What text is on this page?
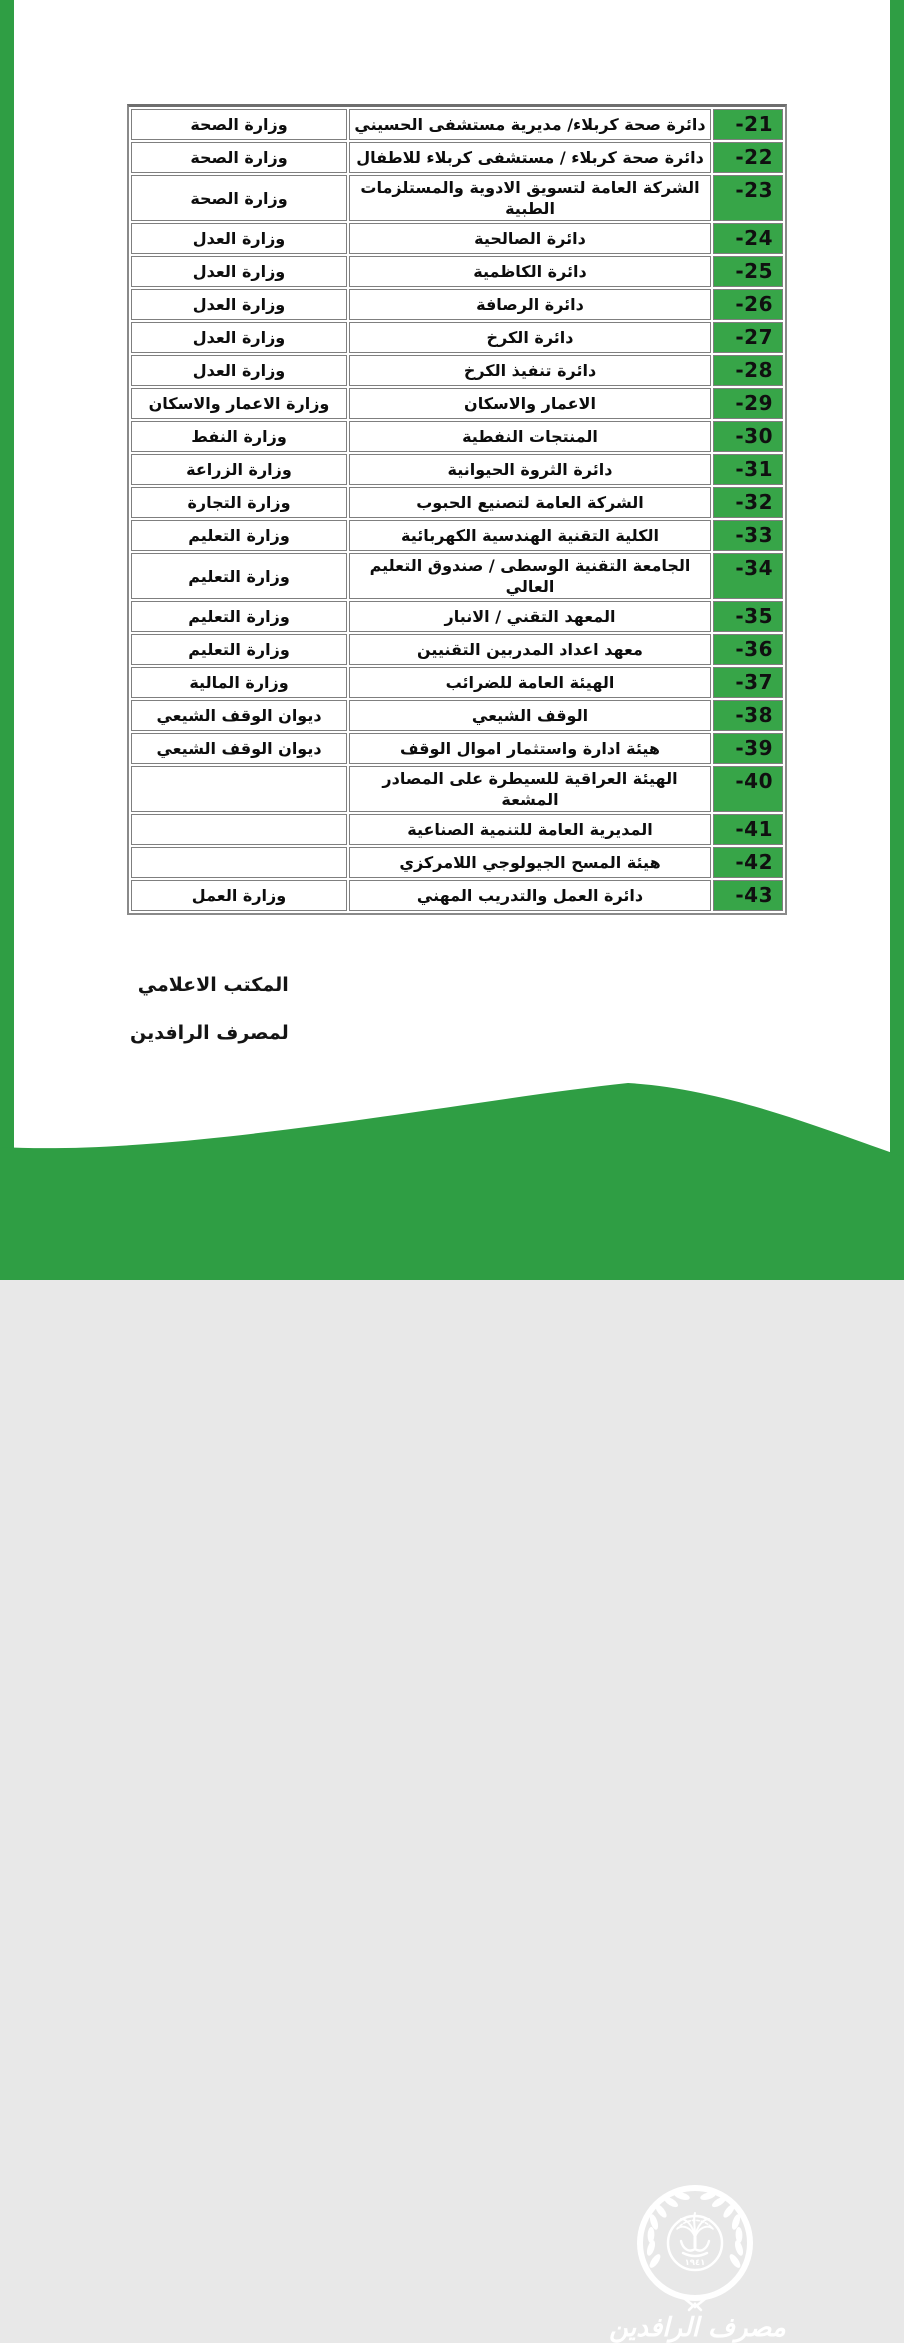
-21	دائرة صحة كربلاء/ مديرية مستشفى الحسيني	وزارة الصحة
-22	دائرة صحة كربلاء / مستشفى كربلاء للاطفال	وزارة الصحة
-23	الشركة العامة لتسويق الادوية والمستلزمات الطبية	وزارة الصحة
-24	دائرة الصالحية	وزارة العدل
-25	دائرة الكاظمية	وزارة العدل
-26	دائرة الرصافة	وزارة العدل
-27	دائرة الكرخ	وزارة العدل
-28	دائرة تنفيذ الكرخ	وزارة العدل
-29	الاعمار والاسكان	وزارة الاعمار والاسكان
-30	المنتجات النفطية	وزارة النفط
-31	دائرة الثروة الحيوانية	وزارة الزراعة
-32	الشركة العامة لتصنيع الحبوب	وزارة التجارة
-33	الكلية التقنية الهندسية الكهربائية	وزارة التعليم
-34	الجامعة التقنية الوسطى / صندوق التعليم العالي	وزارة التعليم
-35	المعهد التقني / الانبار	وزارة التعليم
-36	معهد اعداد المدربين التقنيين	وزارة التعليم
-37	الهيئة العامة للضرائب	وزارة المالية
-38	الوقف الشيعي	ديوان الوقف الشيعي
-39	هيئة ادارة واستثمار اموال الوقف	ديوان الوقف الشيعي
-40	الهيئة العراقية للسيطرة على المصادر المشعة	
-41	المديرية العامة للتنمية الصناعية	
-42	هيئة المسح الجيولوجي اللامركزي	
-43	دائرة العمل والتدريب المهني	وزارة العمل
المكتب الاعلامي
لمصرف الرافدين
١٩٤١
مصرف الرافدين
